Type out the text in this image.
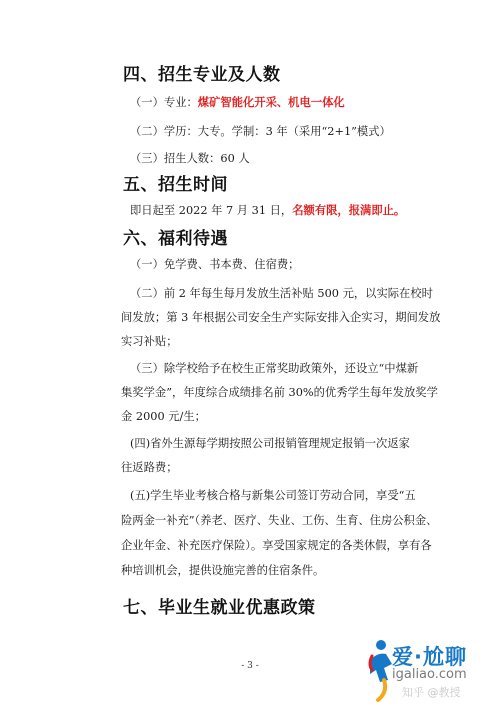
四、招生专业及人数
（一）专业：煤矿智能化开采、机电一体化
（二）学历：大专。学制：3 年（采用“2+1”模式）
（三）招生人数：60 人
五、招生时间
即日起至 2022 年 7 月 31 日，名额有限，报满即止。
六、福利待遇
（一）免学费、书本费、住宿费；
（二）前 2 年每生每月发放生活补贴 500 元，以实际在校时
间发放；第 3 年根据公司安全生产实际安排入企实习，期间发放
实习补贴；
（三）除学校给予在校生正常奖助政策外，还设立“中煤新
集奖学金”，年度综合成绩排名前 30%的优秀学生每年发放奖学
金 2000 元/生；
(四)省外生源每学期按照公司报销管理规定报销一次返家
往返路费；
(五)学生毕业考核合格与新集公司签订劳动合同，享受“五
险两金一补充”（养老、医疗、失业、工伤、生育、住房公积金、
企业年金、补充医疗保险）。享受国家规定的各类休假，享有各
种培训机会，提供设施完善的住宿条件。
七、毕业生就业优惠政策
- 3 -	爱·尬聊
igaliao.com
知乎 @教授
